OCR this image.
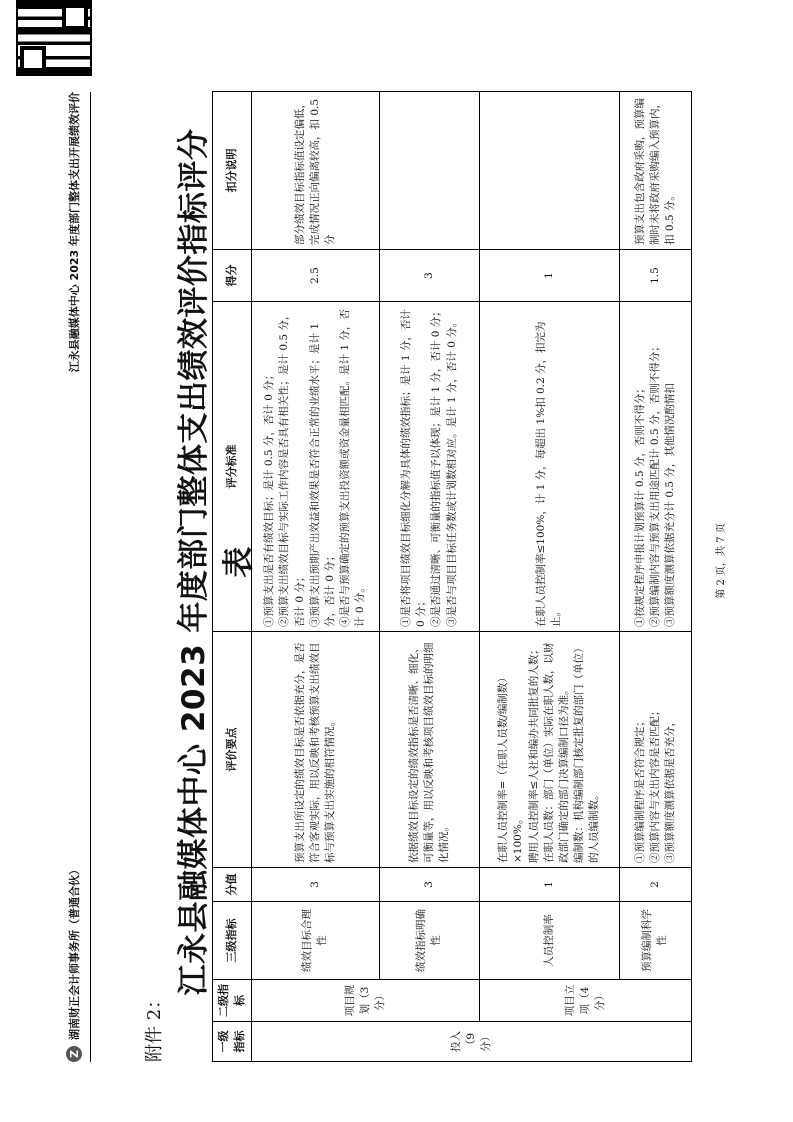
Z
湖南财正会计师事务所（普通合伙）
江永县融媒体中心 2023 年度部门整体支出开展绩效评价
附件 2：
江永县融媒体中心 2023 年度部门整体支出绩效评价指标评分表
一级指标	二级指标	三级指标	分值	评价要点	评分标准	得分	扣分说明
投入（9 分）	项目规划（3 分）	绩效目标合理性	3	预算支出所设定的绩效目标是否依据充分，是否符合客观实际，用以反映和考核预算支出绩效目标与预算支出实施的相符情况。	①预算支出是否有绩效目标；是计 0.5 分，否计 0 分； ②预算支出绩效目标与实际工作内容是否具有相关性；是计 0.5 分，否计 0 分； ③预算支出预期产出效益和效果是否符合正常的业绩水平；是计 1 分，否计 0 分； ④是否与预算确定的预算支出投资额或资金量相匹配。是计 1 分，否计 0 分。	2.5	部分绩效目标指标值设定偏低，完成情况正向偏离较高，扣 0.5 分
		绩效指标明确性	3	依据绩效目标设定的绩效指标是否清晰、细化、可衡量等，用以反映和考核项目绩效目标的明细化情况。	①是否将项目绩效目标细化分解为具体的绩效指标；是计 1 分，否计 0 分； ②是否通过清晰、可衡量的指标值予以体现；是计 1 分，否计 0 分； ③是否与项目目标任务数或计划数相对应。是计 1 分，否计 0 分。	3	
	项目立项（4 分）	人员控制率	1	在职人员控制率=（在职人员数/编制数）×100%。 聘用人员控制率≤人社和编办共同批复的人数； 在职人员数：部门（单位）实际在职人数，以财政部门确定的部门决算编制口径为准。 编制数：机构编制部门核定批复的部门（单位）的人员编制数。	在职人员控制率≤100%，计 1 分，每超出 1%扣 0.2 分，扣完为止。	1	
		预算编制科学性	2	①预算编制程序是否符合规定； ②预算内容与支出内容是否匹配； ③预算额度测算依据是否充分，	①按规定程序申报计划预算计 0.5 分，否则不得分； ②预算编制内容与预算支出用途匹配计 0.5 分，否则不得分； ③预算额度测算依据充分计 0.5 分，其他情况酌情扣	1.5	预算支出包含政府采购，预算编制时未将政府采购编入预算内，扣 0.5 分。
第 2 页，共 7 页
